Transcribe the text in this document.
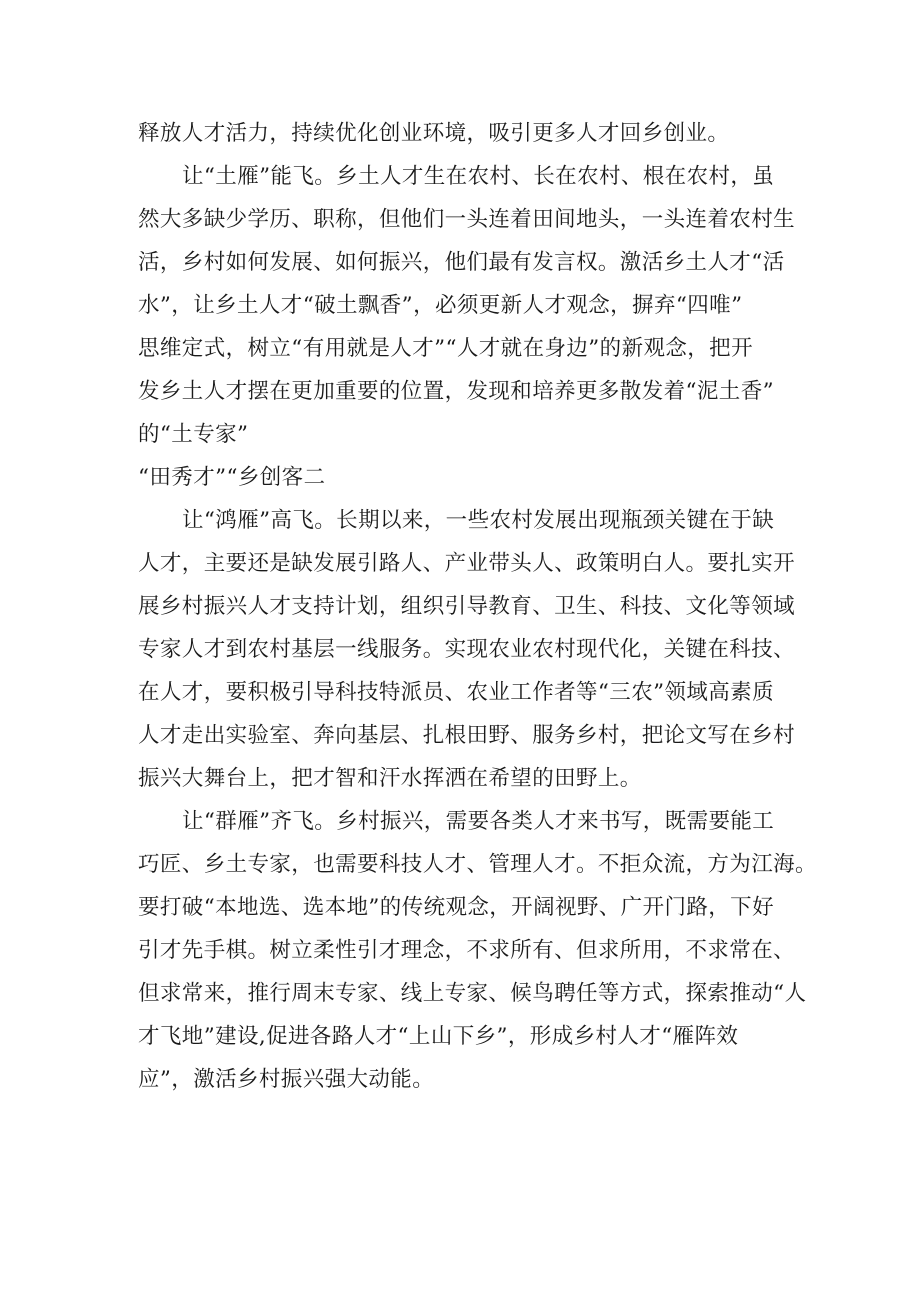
释放人才活力，持续优化创业环境，吸引更多人才回乡创业。
让“土雁”能飞。乡土人才生在农村、长在农村、根在农村，虽
然大多缺少学历、职称，但他们一头连着田间地头，一头连着农村生
活，乡村如何发展、如何振兴，他们最有发言权。激活乡土人才“活
水”，让乡土人才“破土飘香”，必须更新人才观念，摒弃“四唯”
思维定式，树立“有用就是人才”“人才就在身边”的新观念，把开
发乡土人才摆在更加重要的位置，发现和培养更多散发着“泥土香”
的“土专家”
“田秀才”“乡创客二
让“鸿雁”高飞。长期以来，一些农村发展出现瓶颈关键在于缺
人才，主要还是缺发展引路人、产业带头人、政策明白人。要扎实开
展乡村振兴人才支持计划，组织引导教育、卫生、科技、文化等领域
专家人才到农村基层一线服务。实现农业农村现代化，关键在科技、
在人才，要积极引导科技特派员、农业工作者等“三农”领域高素质
人才走出实验室、奔向基层、扎根田野、服务乡村，把论文写在乡村
振兴大舞台上，把才智和汗水挥洒在希望的田野上。
让“群雁”齐飞。乡村振兴，需要各类人才来书写，既需要能工
巧匠、乡土专家，也需要科技人才、管理人才。不拒众流，方为江海。
要打破“本地选、选本地”的传统观念，开阔视野、广开门路，下好
引才先手棋。树立柔性引才理念，不求所有、但求所用，不求常在、
但求常来，推行周末专家、线上专家、候鸟聘任等方式，探索推动“人
才飞地”建设,促进各路人才“上山下乡”，形成乡村人才“雁阵效
应”，激活乡村振兴强大动能。
